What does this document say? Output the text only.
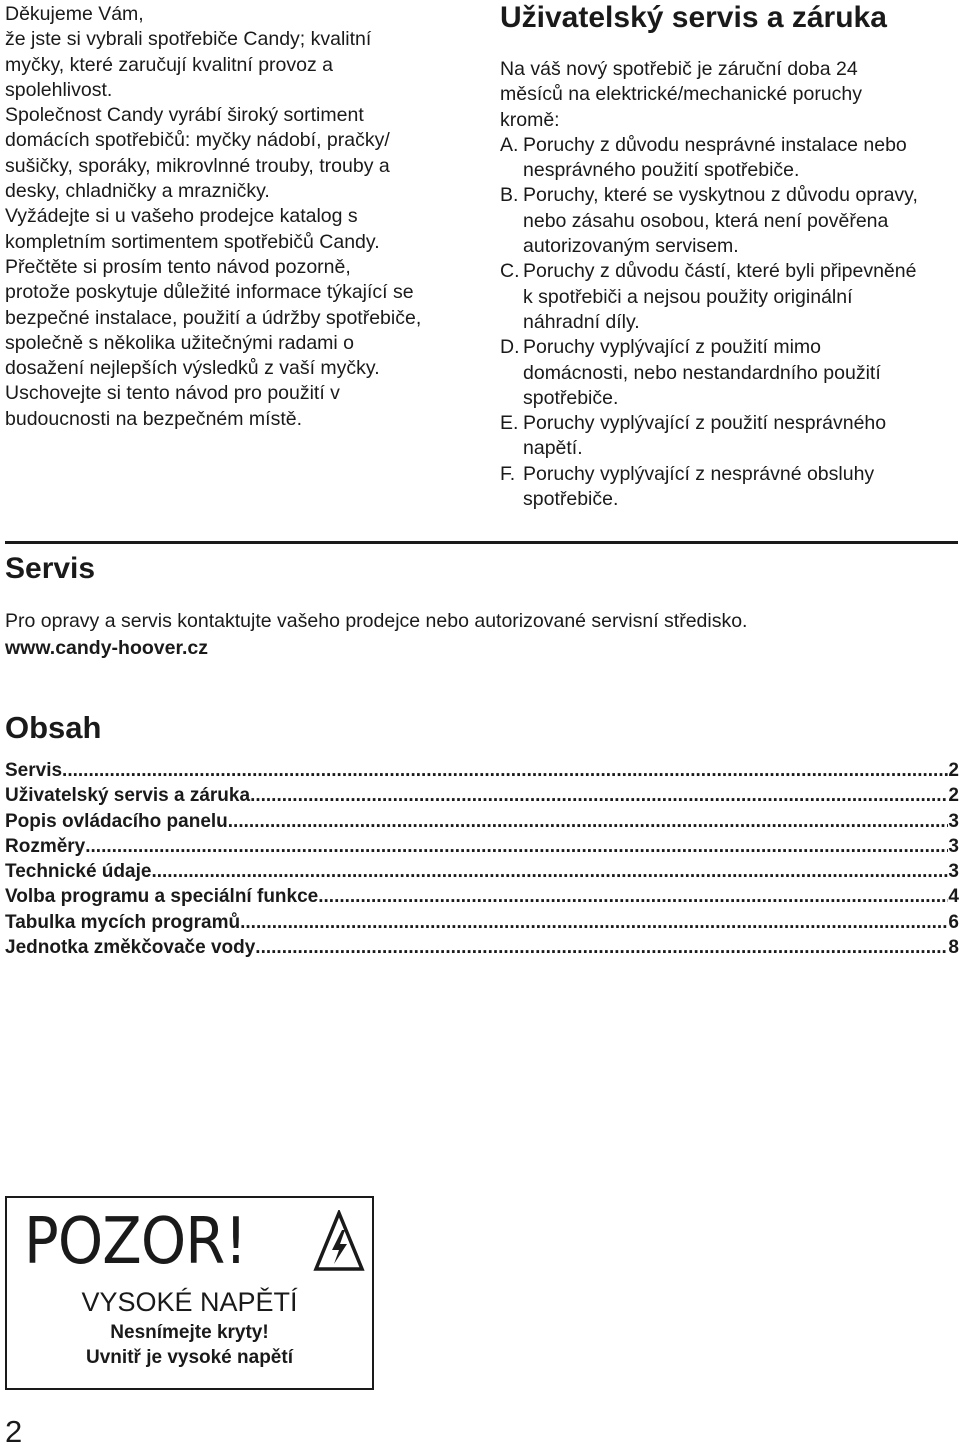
Děkujeme Vám,

že jste si vybrali spotřebiče Candy; kvalitní

myčky, které zaručují kvalitní provoz a

spolehlivost.

Společnost Candy vyrábí široký sortiment

domácích spotřebičů: myčky nádobí, pračky/

sušičky, sporáky, mikrovlnné trouby, trouby a

desky, chladničky a mrazničky.

Vyžádejte si u vašeho prodejce katalog s

kompletním sortimentem spotřebičů Candy.

Přečtěte si prosím tento návod pozorně,

protože poskytuje důležité informace týkající se

bezpečné instalace, použití a údržby spotřebiče,

společně s několika užitečnými radami o

dosažení nejlepších výsledků z vaší myčky.

Uschovejte si tento návod pro použití v

budoucnosti na bezpečném místě.

Uživatelský servis a záruka

Na váš nový spotřebič je záruční doba 24

měsíců na elektrické/mechanické poruchy

kromě:

A. Poruchy z důvodu nesprávné instalace nebo

nesprávného použití spotřebiče.

B. Poruchy, které se vyskytnou z důvodu opravy,

nebo zásahu osobou, která není pověřena

autorizovaným servisem.

C. Poruchy z důvodu částí, které byli připevněné

k spotřebiči a nejsou použity originální

náhradní díly.

D. Poruchy vyplývající z použití mimo

domácnosti, nebo nestandardního použití

spotřebiče.

E. Poruchy vyplývající z použití nesprávného

napětí.

F. Poruchy vyplývající z nesprávné obsluhy

spotřebiče.

Servis

Pro opravy a servis kontaktujte vašeho prodejce nebo autorizované servisní středisko.

www.candy-hoover.cz

Obsah
Servis .....	2
Uživatelský servis a záruka .....	2
Popis ovládacího panelu .....	3
Rozměry .....	3
Technické údaje .....	3
Volba programu a speciální funkce .....	4
Tabulka mycích programů .....	6
Jednotka změkčovače vody .....	8
POZOR!
VYSOKÉ NAPĚTÍ
Nesnímejte kryty!
Uvnitř je vysoké napětí
2
